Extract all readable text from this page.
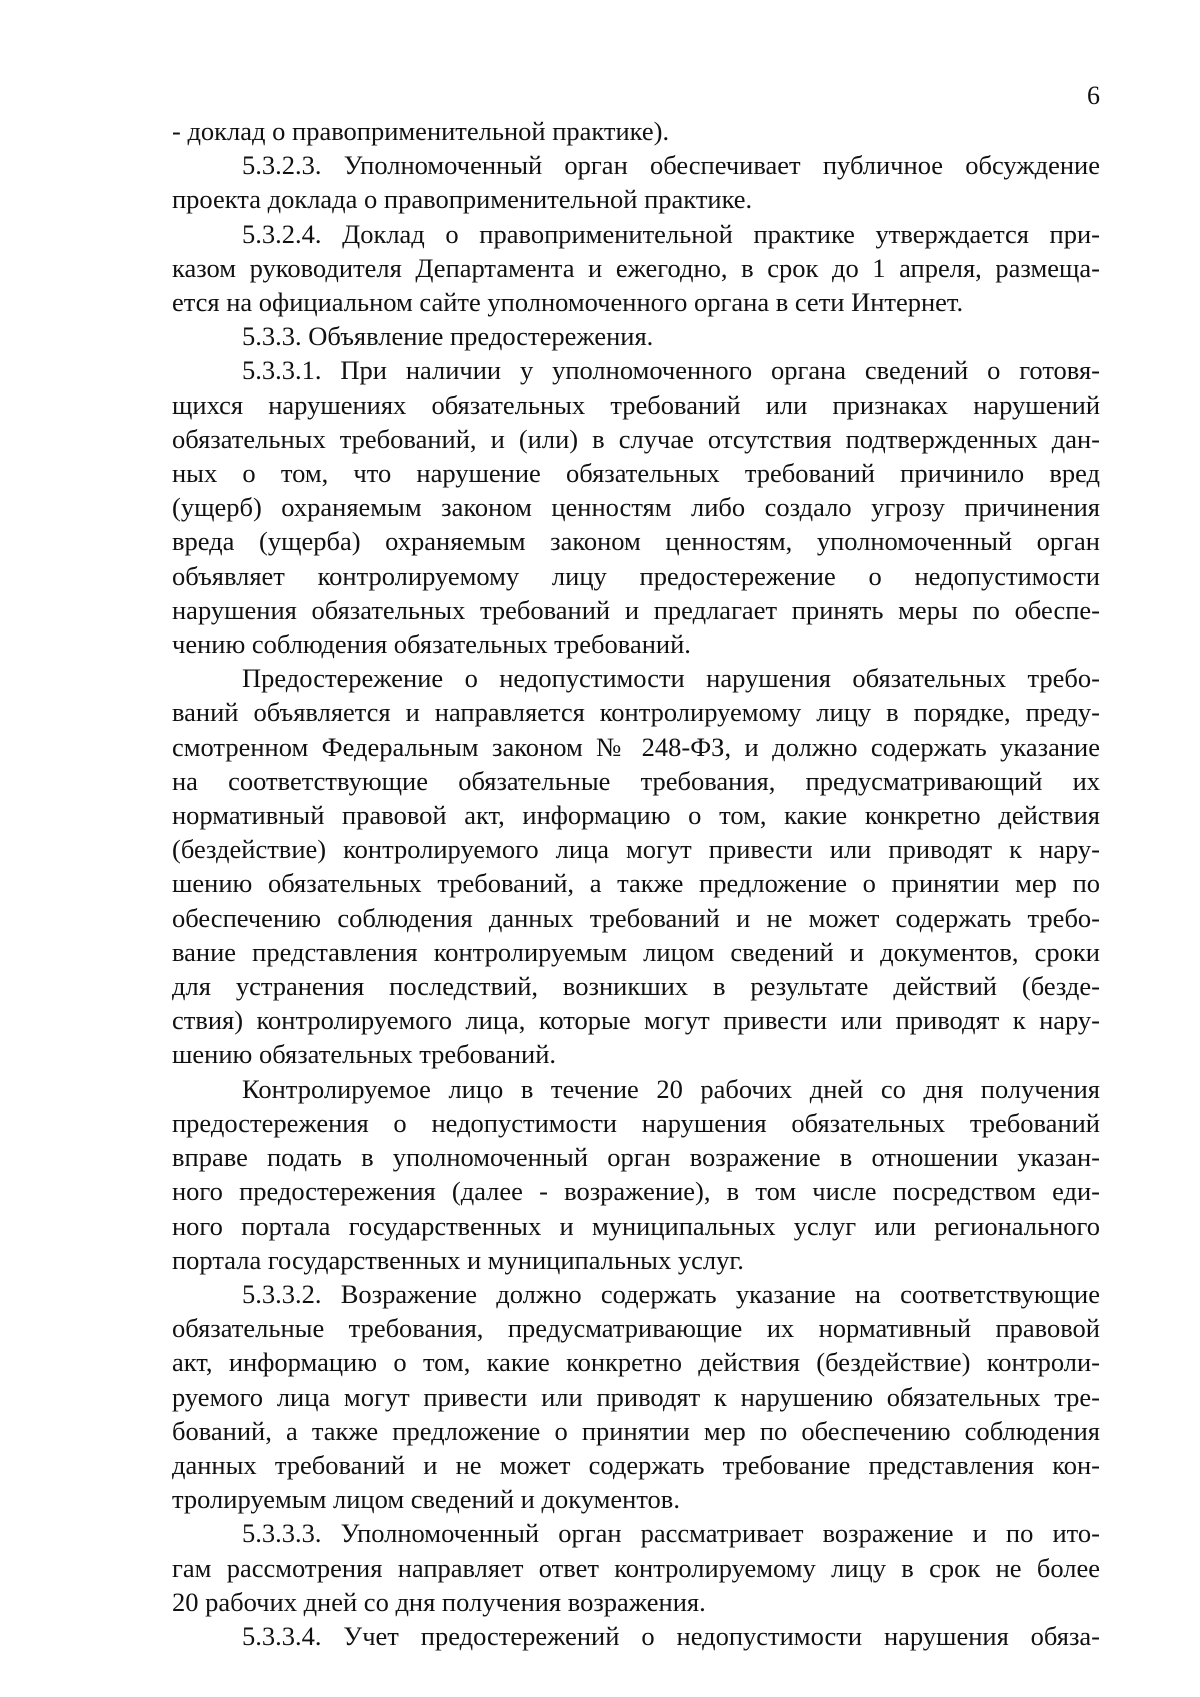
6
- доклад о правоприменительной практике).
5.3.2.3. Уполномоченный орган обеспечивает публичное обсуждение
проекта доклада о правоприменительной практике.
5.3.2.4. Доклад о правоприменительной практике утверждается при-
казом руководителя Департамента и ежегодно, в срок до 1 апреля, размеща-
ется на официальном сайте уполномоченного органа в сети Интернет.
5.3.3. Объявление предостережения.
5.3.3.1. При наличии у уполномоченного органа сведений о готовя-
щихся нарушениях обязательных требований или признаках нарушений
обязательных требований, и (или) в случае отсутствия подтвержденных дан-
ных о том, что нарушение обязательных требований причинило вред
(ущерб) охраняемым законом ценностям либо создало угрозу причинения
вреда (ущерба) охраняемым законом ценностям, уполномоченный орган
объявляет контролируемому лицу предостережение о недопустимости
нарушения обязательных требований и предлагает принять меры по обеспе-
чению соблюдения обязательных требований.
Предостережение о недопустимости нарушения обязательных требо-
ваний объявляется и направляется контролируемому лицу в порядке, преду-
смотренном Федеральным законом № 248-ФЗ, и должно содержать указание
на соответствующие обязательные требования, предусматривающий их
нормативный правовой акт, информацию о том, какие конкретно действия
(бездействие) контролируемого лица могут привести или приводят к нару-
шению обязательных требований, а также предложение о принятии мер по
обеспечению соблюдения данных требований и не может содержать требо-
вание представления контролируемым лицом сведений и документов, сроки
для устранения последствий, возникших в результате действий (безде-
ствия) контролируемого лица, которые могут привести или приводят к нару-
шению обязательных требований.
Контролируемое лицо в течение 20 рабочих дней со дня получения
предостережения о недопустимости нарушения обязательных требований
вправе подать в уполномоченный орган возражение в отношении указан-
ного предостережения (далее - возражение), в том числе посредством еди-
ного портала государственных и муниципальных услуг или регионального
портала государственных и муниципальных услуг.
5.3.3.2. Возражение должно содержать указание на соответствующие
обязательные требования, предусматривающие их нормативный правовой
акт, информацию о том, какие конкретно действия (бездействие) контроли-
руемого лица могут привести или приводят к нарушению обязательных тре-
бований, а также предложение о принятии мер по обеспечению соблюдения
данных требований и не может содержать требование представления кон-
тролируемым лицом сведений и документов.
5.3.3.3. Уполномоченный орган рассматривает возражение и по ито-
гам рассмотрения направляет ответ контролируемому лицу в срок не более
20 рабочих дней со дня получения возражения.
5.3.3.4. Учет предостережений о недопустимости нарушения обяза-
